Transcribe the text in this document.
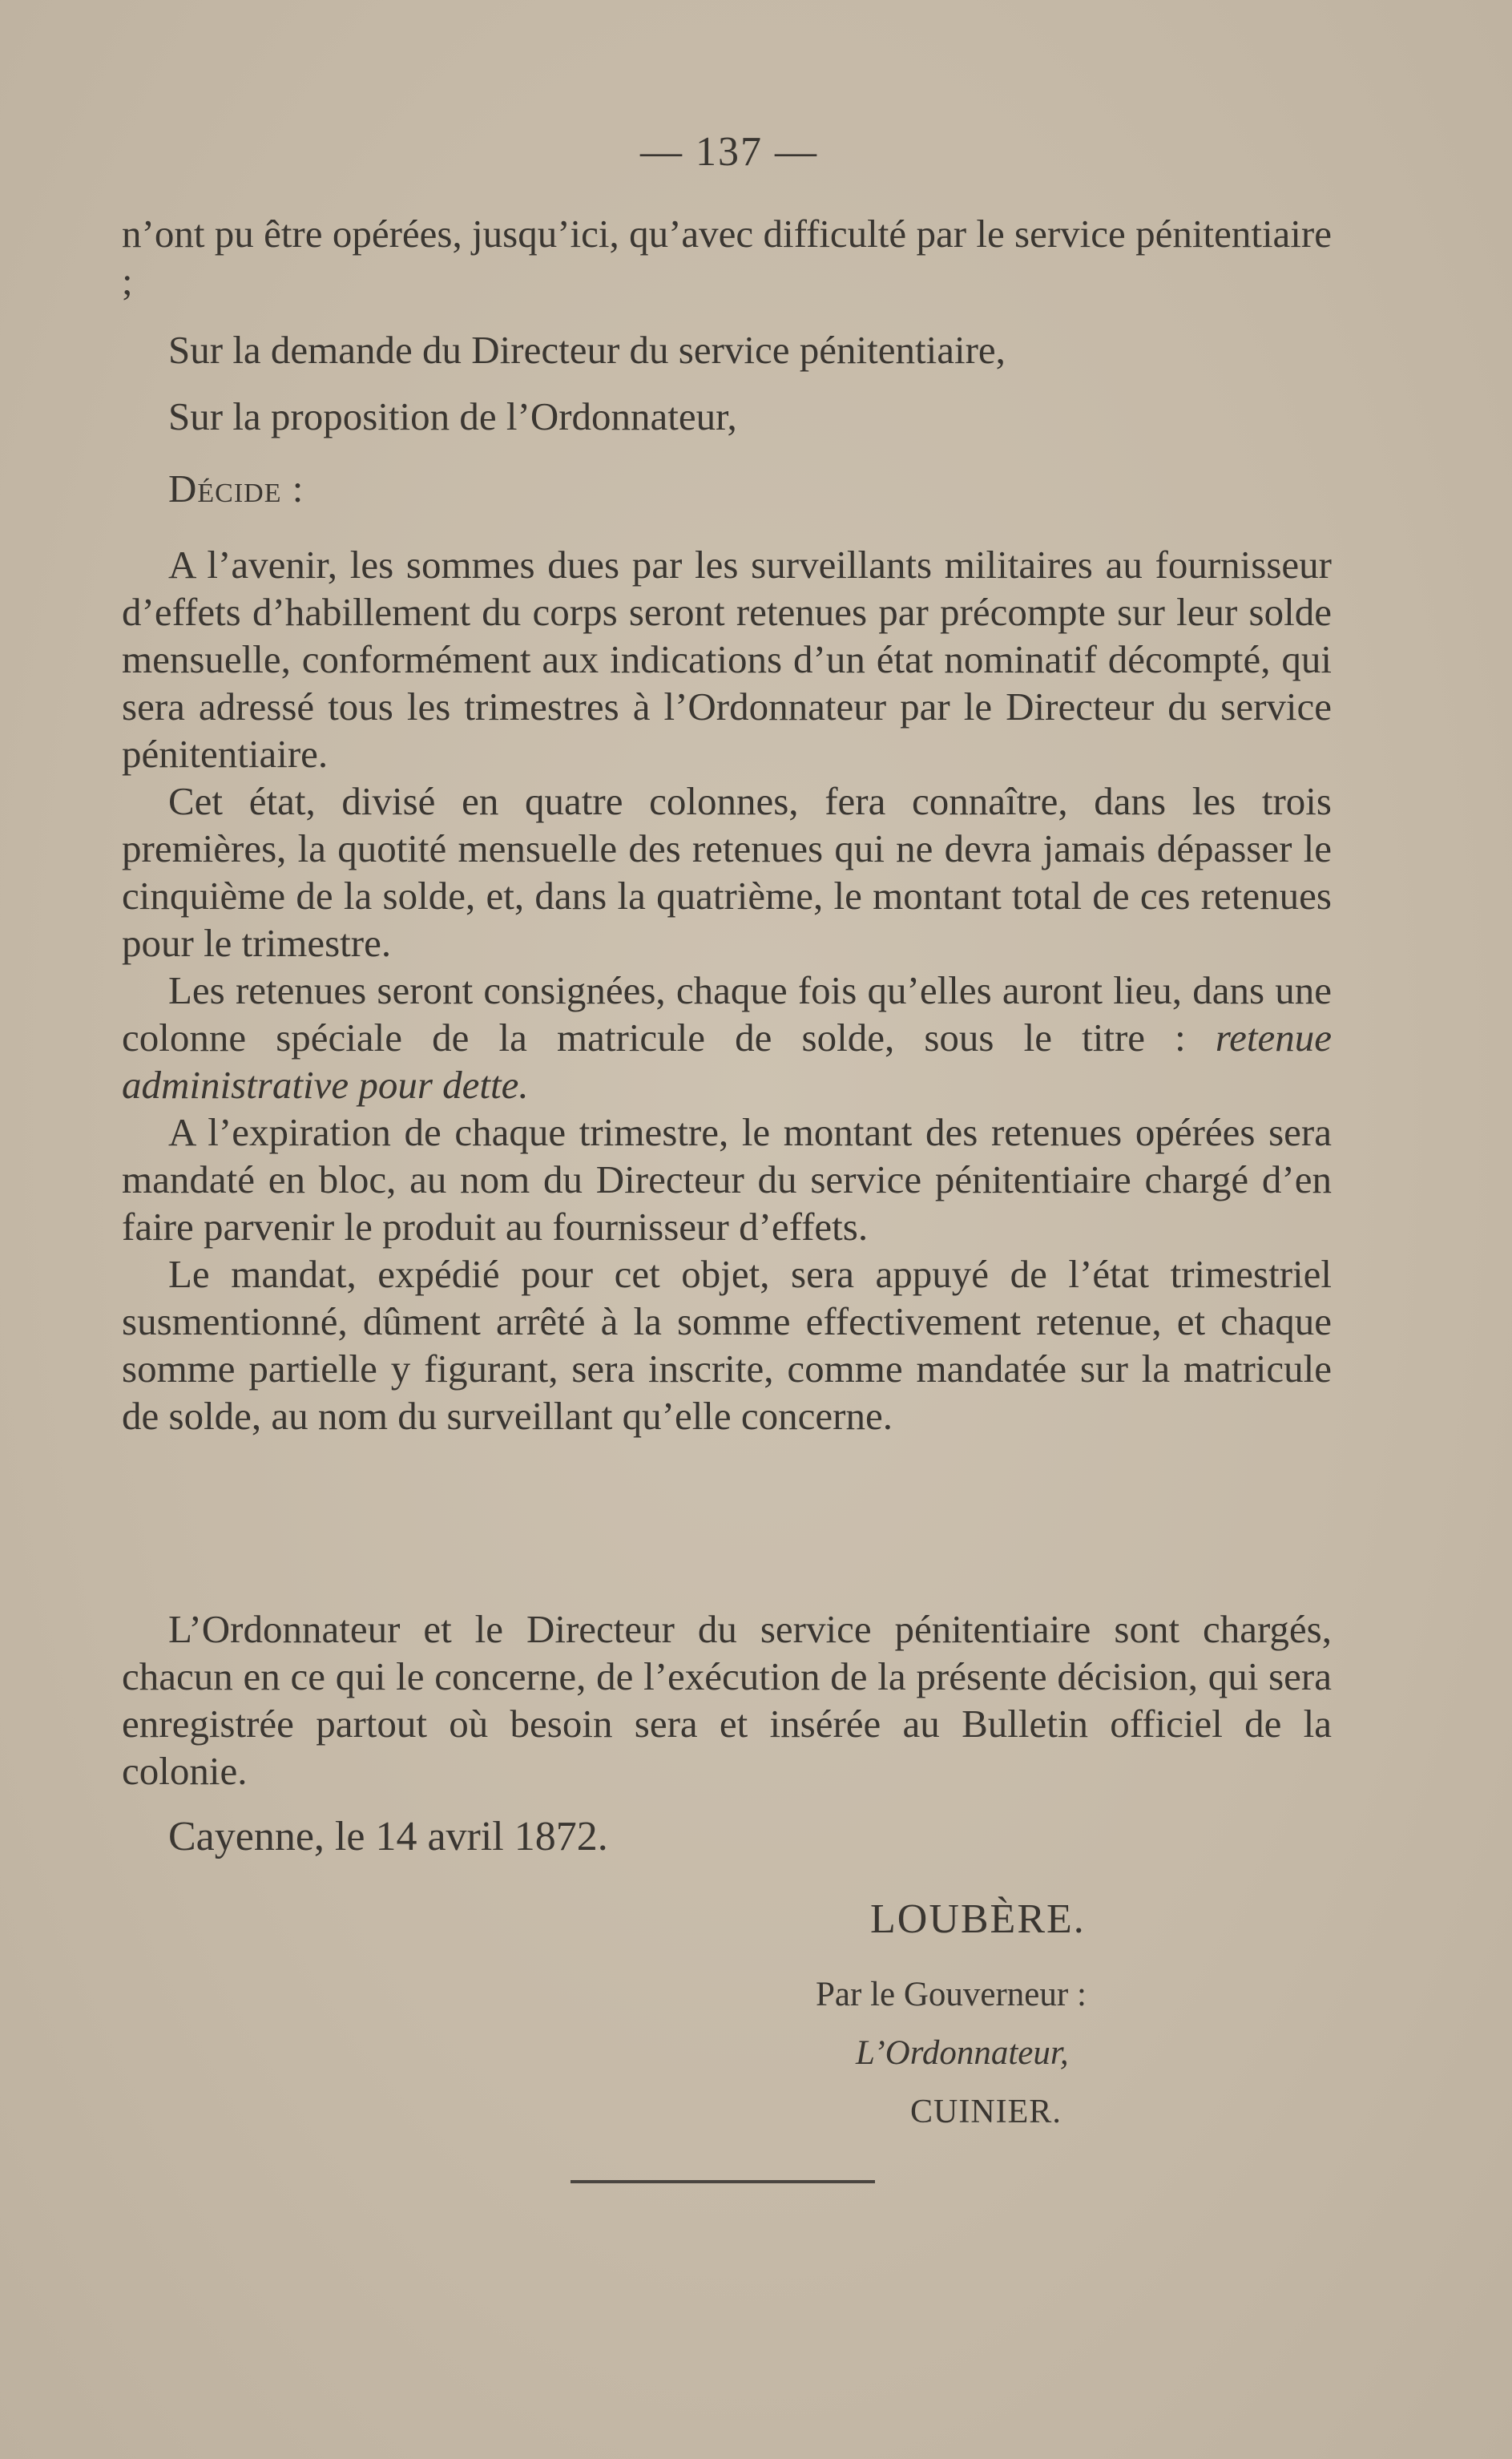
— 137 —

n’ont pu être opérées, jusqu’ici, qu’avec difficulté par le service pénitentiaire ;

Sur la demande du Directeur du service pénitentiaire,

Sur la proposition de l’Ordonnateur,

Décide :

A l’avenir, les sommes dues par les surveillants militaires au fournisseur d’effets d’habillement du corps seront retenues par précompte sur leur solde mensuelle, conformément aux indications d’un état nominatif décompté, qui sera adressé tous les trimestres à l’Ordonnateur par le Directeur du service pénitentiaire.

Cet état, divisé en quatre colonnes, fera connaître, dans les trois premières, la quotité mensuelle des retenues qui ne devra jamais dépasser le cinquième de la solde, et, dans la quatrième, le montant total de ces retenues pour le trimestre.

Les retenues seront consignées, chaque fois qu’elles auront lieu, dans une colonne spéciale de la matricule de solde, sous le titre : retenue administrative pour dette.

A l’expiration de chaque trimestre, le montant des retenues opérées sera mandaté en bloc, au nom du Directeur du service pénitentiaire chargé d’en faire parvenir le produit au fournisseur d’effets.

Le mandat, expédié pour cet objet, sera appuyé de l’état trimestriel susmentionné, dûment arrêté à la somme effectivement retenue, et chaque somme partielle y figurant, sera inscrite, comme mandatée sur la matricule de solde, au nom du surveillant qu’elle concerne.

L’Ordonnateur et le Directeur du service pénitentiaire sont chargés, chacun en ce qui le concerne, de l’exécution de la présente décision, qui sera enregistrée partout où besoin sera et insérée au Bulletin officiel de la colonie.

Cayenne, le 14 avril 1872.
LOUBÈRE.
Par le Gouverneur :
L’Ordonnateur,
CUINIER.
